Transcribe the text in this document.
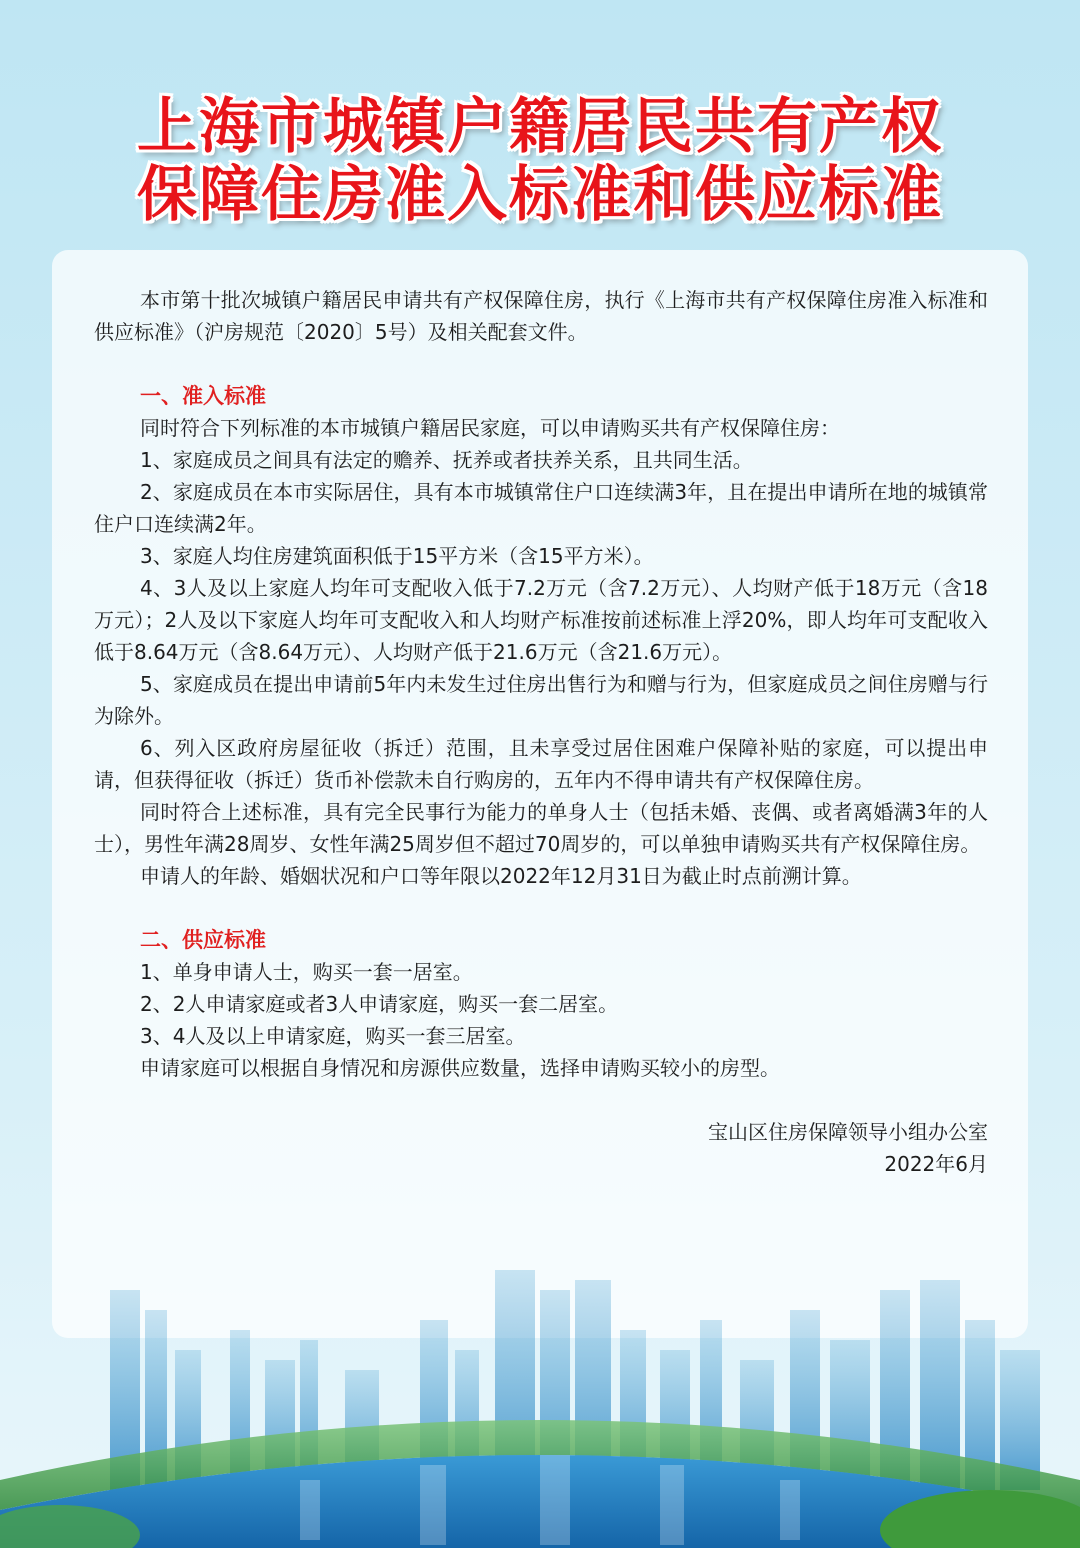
上海市城镇户籍居民共有产权
保障住房准入标准和供应标准

本市第十批次城镇户籍居民申请共有产权保障住房，执行《上海市共有产权保障住房准入标准和供应标准》（沪房规范〔2020〕5号）及相关配套文件。

一、准入标准

同时符合下列标准的本市城镇户籍居民家庭，可以申请购买共有产权保障住房：

1、家庭成员之间具有法定的赡养、抚养或者扶养关系，且共同生活。

2、家庭成员在本市实际居住，具有本市城镇常住户口连续满3年，且在提出申请所在地的城镇常住户口连续满2年。

3、家庭人均住房建筑面积低于15平方米（含15平方米）。

4、3人及以上家庭人均年可支配收入低于7.2万元（含7.2万元）、人均财产低于18万元（含18万元）；2人及以下家庭人均年可支配收入和人均财产标准按前述标准上浮20%，即人均年可支配收入低于8.64万元（含8.64万元）、人均财产低于21.6万元（含21.6万元）。

5、家庭成员在提出申请前5年内未发生过住房出售行为和赠与行为，但家庭成员之间住房赠与行为除外。

6、列入区政府房屋征收（拆迁）范围，且未享受过居住困难户保障补贴的家庭，可以提出申请，但获得征收（拆迁）货币补偿款未自行购房的，五年内不得申请共有产权保障住房。

同时符合上述标准，具有完全民事行为能力的单身人士（包括未婚、丧偶、或者离婚满3年的人士），男性年满28周岁、女性年满25周岁但不超过70周岁的，可以单独申请购买共有产权保障住房。

申请人的年龄、婚姻状况和户口等年限以2022年12月31日为截止时点前溯计算。

二、供应标准

1、单身申请人士，购买一套一居室。

2、2人申请家庭或者3人申请家庭，购买一套二居室。

3、4人及以上申请家庭，购买一套三居室。

申请家庭可以根据自身情况和房源供应数量，选择申请购买较小的房型。

宝山区住房保障领导小组办公室

2022年6月
